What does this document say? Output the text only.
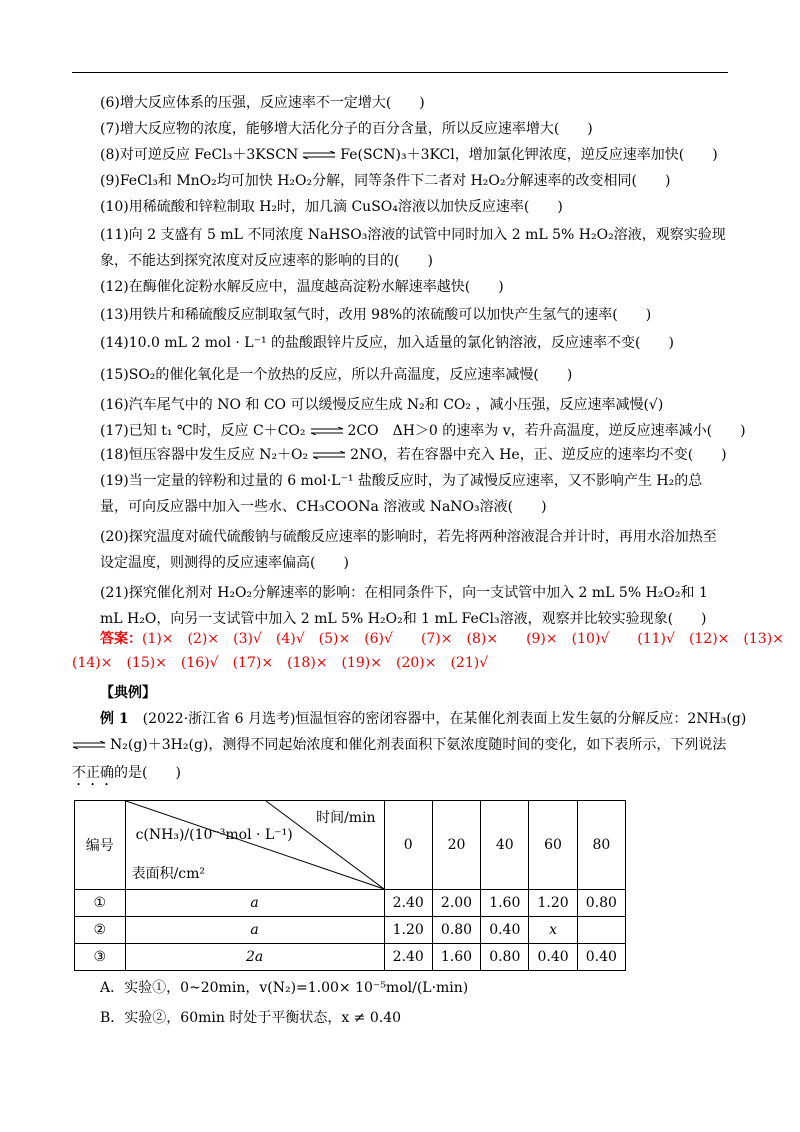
(6)增大反应体系的压强，反应速率不一定增大(　　)
(7)增大反应物的浓度，能够增大活化分子的百分含量，所以反应速率增大(　　)
(8)对可逆反应 FeCl₃＋3KSCN ⇌ Fe(SCN)₃＋3KCl，增加氯化钾浓度，逆反应速率加快(　　)
(9)FeCl₃和 MnO₂均可加快 H₂O₂分解，同等条件下二者对 H₂O₂分解速率的改变相同(　　)
(10)用稀硫酸和锌粒制取 H₂时，加几滴 CuSO₄溶液以加快反应速率(　　)
(11)向 2 支盛有 5 mL 不同浓度 NaHSO₃溶液的试管中同时加入 2 mL 5% H₂O₂溶液，观察实验现象，不能达到探究浓度对反应速率的影响的目的(　　)
(12)在酶催化淀粉水解反应中，温度越高淀粉水解速率越快(　　)
(13)用铁片和稀硫酸反应制取氢气时，改用 98%的浓硫酸可以加快产生氢气的速率(　　)
(14)10.0 mL 2 mol · L⁻¹ 的盐酸跟锌片反应，加入适量的氯化钠溶液，反应速率不变(　　)
(15)SO₂的催化氧化是一个放热的反应，所以升高温度，反应速率减慢(　　)
(16)汽车尾气中的 NO 和 CO 可以缓慢反应生成 N₂和 CO₂ ，减小压强，反应速率减慢(√)
(17)已知 t₁ ℃时，反应 C＋CO₂ ⇌ 2CO　ΔH＞0 的速率为 v，若升高温度，逆反应速率减小(　　)
(18)恒压容器中发生反应 N₂＋O₂ ⇌ 2NO，若在容器中充入 He，正、逆反应的速率均不变(　　)
(19)当一定量的锌粉和过量的 6 mol·L⁻¹ 盐酸反应时，为了减慢反应速率，又不影响产生 H₂的总量，可向反应器中加入一些水、CH₃COONa 溶液或 NaNO₃溶液(　　)
(20)探究温度对硫代硫酸钠与硫酸反应速率的影响时，若先将两种溶液混合并计时，再用水浴加热至设定温度，则测得的反应速率偏高(　　)
(21)探究催化剂对 H₂O₂分解速率的影响：在相同条件下，向一支试管中加入 2 mL 5% H₂O₂和 1 mL H₂O，向另一支试管中加入 2 mL 5% H₂O₂和 1 mL FeCl₃溶液，观察并比较实验现象(　　)
答案：(1)×　(2)×　(3)√　(4)√　(5)×　(6)√　　(7)×　(8)×　　(9)×　(10)√　　(11)√　(12)×　(13)×
(14)×　(15)×　(16)√　(17)×　(18)×　(19)×　(20)×　(21)√
【典例】
例 1　 (2022·浙江省 6 月选考)恒温恒容的密闭容器中，在某催化剂表面上发生氨的分解反应：2NH₃(g)
⇌ N₂(g)＋3H₂(g)，测得不同起始浓度和催化剂表面积下氨浓度随时间的变化，如下表所示，下列说法
不正确的是(　　)
编号	时间/min
c(NH₃)/(10⁻³mol · L⁻¹)
表面积/cm²	0	20	40	60	80
①	a	2.40	2.00	1.60	1.20	0.80
②	a	1.20	0.80	0.40	x	
③	2a	2.40	1.60	0.80	0.40	0.40
A．实验①，0~20min，v(N₂)=1.00× 10⁻⁵mol/(L·min)
B．实验②，60min 时处于平衡状态，x ≠ 0.40
